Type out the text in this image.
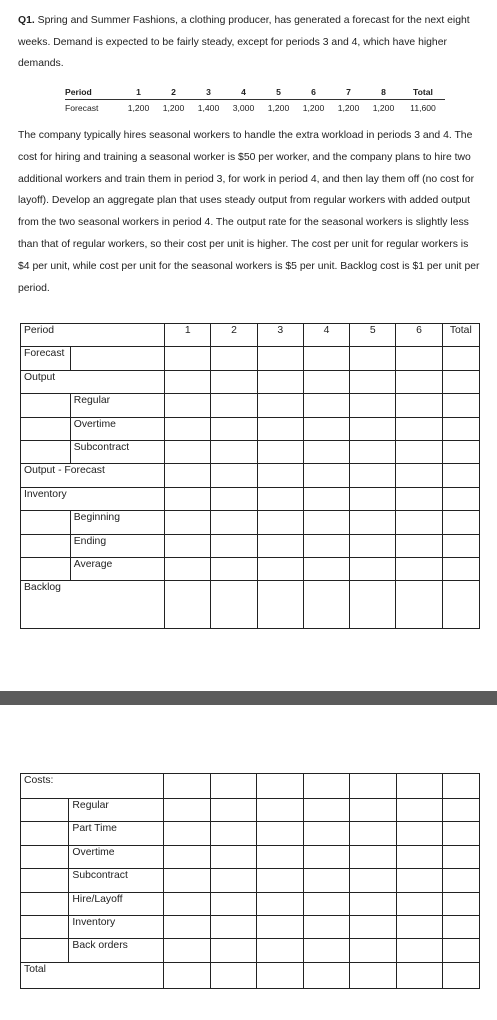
Q1. Spring and Summer Fashions, a clothing producer, has generated a forecast for the next eight weeks. Demand is expected to be fairly steady, except for periods 3 and 4, which have higher demands.
Period	1	2	3	4	5	6	7	8	Total
Forecast	1,200	1,200	1,400	3,000	1,200	1,200	1,200	1,200	11,600
The company typically hires seasonal workers to handle the extra workload in periods 3 and 4. The cost for hiring and training a seasonal worker is $50 per worker, and the company plans to hire two additional workers and train them in period 3, for work in period 4, and then lay them off (no cost for layoff). Develop an aggregate plan that uses steady output from regular workers with added output from the two seasonal workers in period 4. The output rate for the seasonal workers is slightly less than that of regular workers, so their cost per unit is higher. The cost per unit for regular workers is $4 per unit, while cost per unit for the seasonal workers is $5 per unit. Backlog cost is $1 per unit per period.
Period		1	2	3	4	5	6	Total
Forecast								
Output								
	Regular							
	Overtime							
	Subcontract							
Output - Forecast								
Inventory								
	Beginning							
	Ending							
	Average							
Backlog								
Costs:								
	Regular							
	Part Time							
	Overtime							
	Subcontract							
	Hire/Layoff							
	Inventory							
	Back orders							
Total								
